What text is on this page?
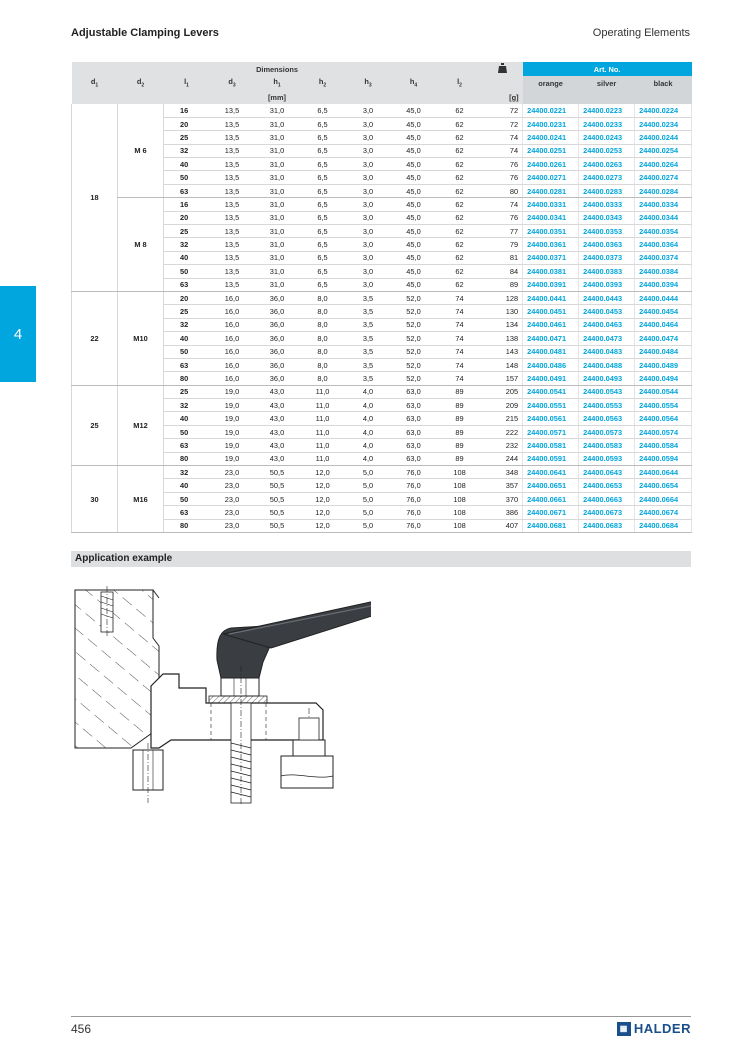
Adjustable Clamping Levers	Operating Elements
4
Dimensions										Art. No.		
$d_1$	$d_2$	$l_1$	$d_3$	$h_1$	$h_2$	$h_3$	$h_4$	$l_2$		orange	silver	black
				[mm]					[g]			
18	M 6	16	13,5	31,0	6,5	3,0	45,0	62	72	24400.0221	24400.0223	24400.0224
		20	13,5	31,0	6,5	3,0	45,0	62	72	24400.0231	24400.0233	24400.0234
		25	13,5	31,0	6,5	3,0	45,0	62	74	24400.0241	24400.0243	24400.0244
		32	13,5	31,0	6,5	3,0	45,0	62	74	24400.0251	24400.0253	24400.0254
		40	13,5	31,0	6,5	3,0	45,0	62	76	24400.0261	24400.0263	24400.0264
		50	13,5	31,0	6,5	3,0	45,0	62	76	24400.0271	24400.0273	24400.0274
		63	13,5	31,0	6,5	3,0	45,0	62	80	24400.0281	24400.0283	24400.0284
	M 8	16	13,5	31,0	6,5	3,0	45,0	62	74	24400.0331	24400.0333	24400.0334
		20	13,5	31,0	6,5	3,0	45,0	62	76	24400.0341	24400.0343	24400.0344
		25	13,5	31,0	6,5	3,0	45,0	62	77	24400.0351	24400.0353	24400.0354
		32	13,5	31,0	6,5	3,0	45,0	62	79	24400.0361	24400.0363	24400.0364
		40	13,5	31,0	6,5	3,0	45,0	62	81	24400.0371	24400.0373	24400.0374
		50	13,5	31,0	6,5	3,0	45,0	62	84	24400.0381	24400.0383	24400.0384
		63	13,5	31,0	6,5	3,0	45,0	62	89	24400.0391	24400.0393	24400.0394
22	M10	20	16,0	36,0	8,0	3,5	52,0	74	128	24400.0441	24400.0443	24400.0444
		25	16,0	36,0	8,0	3,5	52,0	74	130	24400.0451	24400.0453	24400.0454
		32	16,0	36,0	8,0	3,5	52,0	74	134	24400.0461	24400.0463	24400.0464
		40	16,0	36,0	8,0	3,5	52,0	74	138	24400.0471	24400.0473	24400.0474
		50	16,0	36,0	8,0	3,5	52,0	74	143	24400.0481	24400.0483	24400.0484
		63	16,0	36,0	8,0	3,5	52,0	74	148	24400.0486	24400.0488	24400.0489
		80	16,0	36,0	8,0	3,5	52,0	74	157	24400.0491	24400.0493	24400.0494
25	M12	25	19,0	43,0	11,0	4,0	63,0	89	205	24400.0541	24400.0543	24400.0544
		32	19,0	43,0	11,0	4,0	63,0	89	209	24400.0551	24400.0553	24400.0554
		40	19,0	43,0	11,0	4,0	63,0	89	215	24400.0561	24400.0563	24400.0564
		50	19,0	43,0	11,0	4,0	63,0	89	222	24400.0571	24400.0573	24400.0574
		63	19,0	43,0	11,0	4,0	63,0	89	232	24400.0581	24400.0583	24400.0584
		80	19,0	43,0	11,0	4,0	63,0	89	244	24400.0591	24400.0593	24400.0594
30	M16	32	23,0	50,5	12,0	5,0	76,0	108	348	24400.0641	24400.0643	24400.0644
		40	23,0	50,5	12,0	5,0	76,0	108	357	24400.0651	24400.0653	24400.0654
		50	23,0	50,5	12,0	5,0	76,0	108	370	24400.0661	24400.0663	24400.0664
		63	23,0	50,5	12,0	5,0	76,0	108	386	24400.0671	24400.0673	24400.0674
		80	23,0	50,5	12,0	5,0	76,0	108	407	24400.0681	24400.0683	24400.0684
Application example
456	▦ HALDER
